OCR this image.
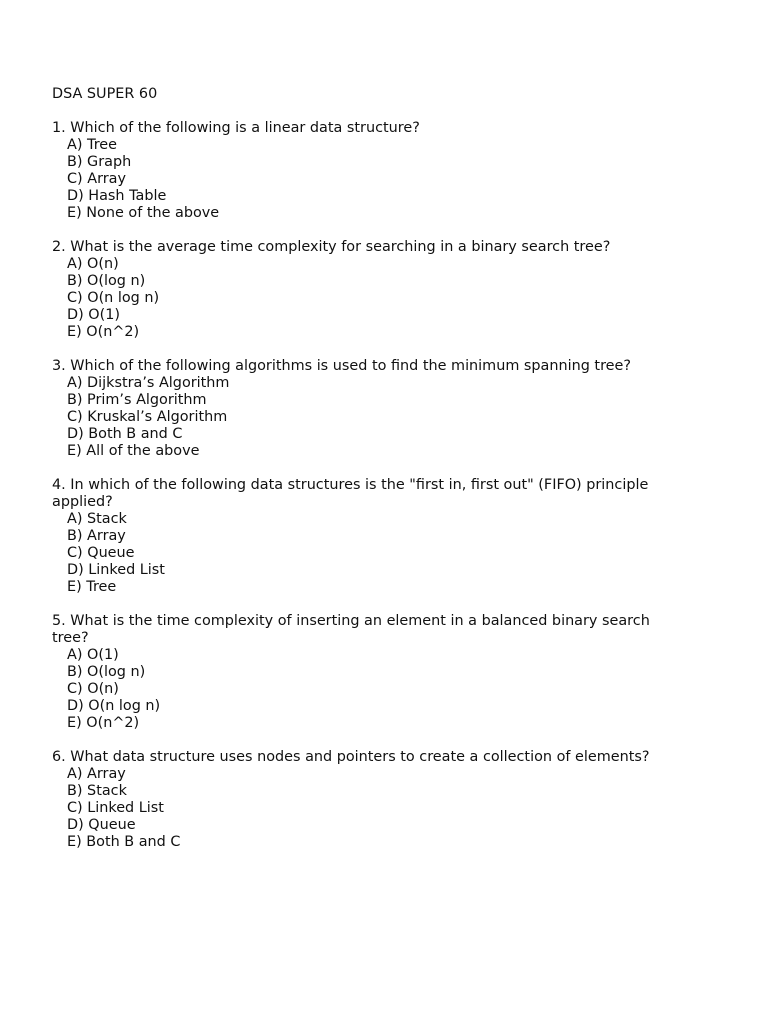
DSA SUPER 60
1. Which of the following is a linear data structure?
A) Tree
B) Graph
C) Array
D) Hash Table
E) None of the above
2. What is the average time complexity for searching in a binary search tree?
A) O(n)
B) O(log n)
C) O(n log n)
D) O(1)
E) O(n^2)
3. Which of the following algorithms is used to find the minimum spanning tree?
A) Dijkstra’s Algorithm
B) Prim’s Algorithm
C) Kruskal’s Algorithm
D) Both B and C
E) All of the above
4. In which of the following data structures is the "first in, first out" (FIFO) principle applied?
A) Stack
B) Array
C) Queue
D) Linked List
E) Tree
5. What is the time complexity of inserting an element in a balanced binary search tree?
A) O(1)
B) O(log n)
C) O(n)
D) O(n log n)
E) O(n^2)
6. What data structure uses nodes and pointers to create a collection of elements?
A) Array
B) Stack
C) Linked List
D) Queue
E) Both B and C
